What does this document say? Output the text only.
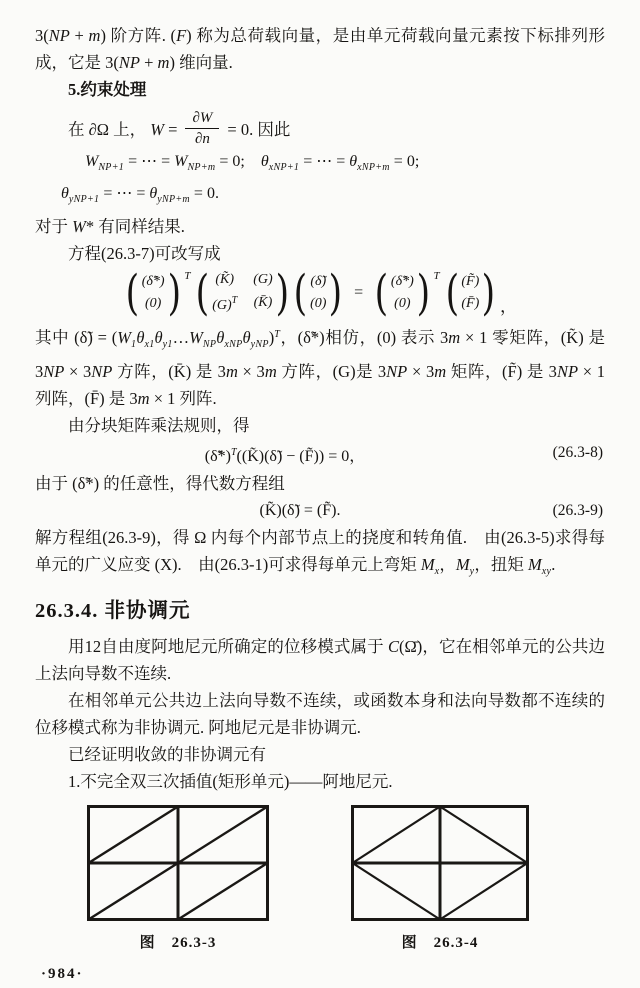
3(NP + m) 阶方阵. (F) 称为总荷载向量，是由单元荷载向量元素按下标排列形成，它是 3(NP + m) 维向量.

5.约束处理

在 ∂Ω 上， $W = \frac{\partial W}{\partial n} = 0$. 因此
$W_{NP+1}$ = ⋯ = $W_{NP+m} = 0$;　$\theta_{xNP+1}$ = ⋯ = $\theta_{xNP+m} = 0$;
$\theta_{yNP+1}$ = ⋯ = $\theta_{yNP+m} = 0$.

对于 W* 有同样结果.

方程(26.3-7)可改写成

( (δ̃*)
(0) ) T ( (K̃) (G)
$(G)^T$ (K̄) ) ( (δ̃)
(0) ) = ( (δ̃*)
(0) ) T ( (F̃)
(F̄) ) ，

其中 (δ̃) = $(W_1\theta_{x1}\theta_{y1}\dots W_{NP}\theta_{xNP}\theta_{yNP})^T$，(δ̃*)相仿，(0) 表示 3m × 1 零矩阵，(K̃) 是 3NP × 3NP 方阵，(K̄) 是 3m × 3m 方阵，(G)是 3NP × 3m 矩阵，(F̃) 是 3NP × 1 列阵，(F̄) 是 3m × 1 列阵.

由分块矩阵乘法规则，得

(δ̃*)$^T$((K̃)(δ̃) − (F̃)) = 0，	(26.3-8)

由于 (δ̃*) 的任意性，得代数方程组

(K̃)(δ̃) = (F̃).	(26.3-9)

解方程组(26.3-9)，得 Ω 内每个内部节点上的挠度和转角值.　由(26.3-5)求得每单元的广义应变 (X).　由(26.3-1)可求得每单元上弯矩 $M_x$，$M_y$，扭矩 $M_{xy}$.

26.3.4. 非协调元

用12自由度阿地尼元所确定的位移模式属于 C(Ω̄)，它在相邻单元的公共边上法向导数不连续.

在相邻单元公共边上法向导数不连续，或函数本身和法向导数都不连续的位移模式称为非协调元. 阿地尼元是非协调元.

已经证明收敛的非协调元有

1.不完全双三次插值(矩形单元)——阿地尼元.

图　26.3-3	图　26.3-4
·984·
